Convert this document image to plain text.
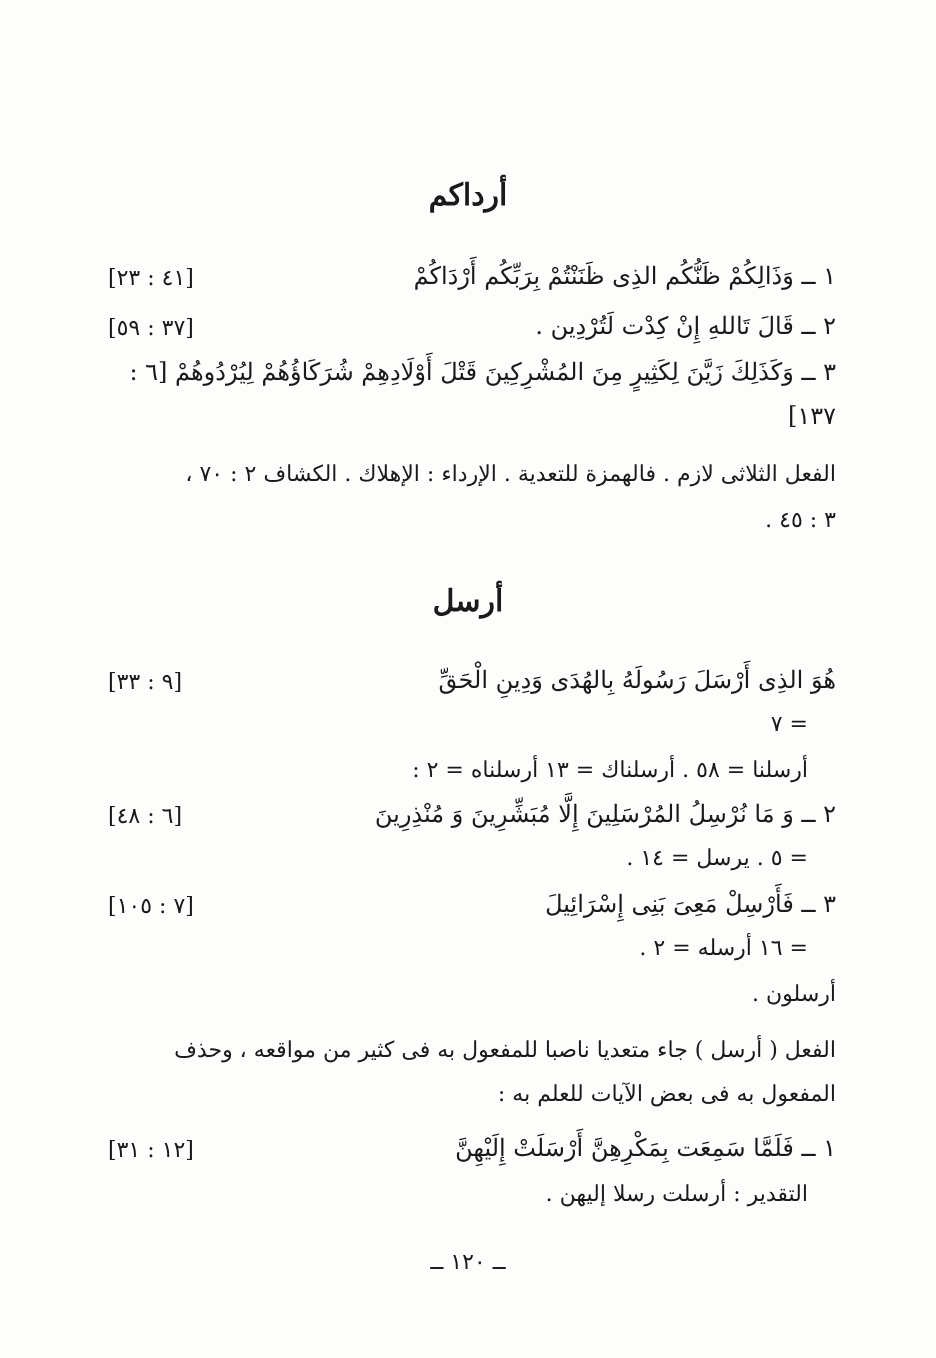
أرداكم
١ ــ وَذَالِكُمْ ظَنُّكُم الذِى ظَنَنْتُمْ بِرَبِّكُم أَرْدَاكُمْ
[٤١ : ٢٣]
٢ ــ قَالَ تَاللهِ إِنْ كِدْت لَتُرْدِين .
[٣٧ : ٥٩]
٣ ــ وَكَذَلِكَ زَيَّنَ لِكَثِيرٍ مِنَ المُشْرِكِينَ قَتْلَ أَوْلَادِهِمْ شُرَكَاؤُهُمْ لِيُرْدُوهُمْ [٦ :
١٣٧]
الفعل الثلاثى لازم . فالهمزة للتعدية . الإرداء : الإهلاك . الكشاف ٢ : ٧٠ ،
٣ : ٤٥ .
أرسل
هُوَ الذِى أَرْسَلَ رَسُولَهُ بِالهُدَى وَدِينِ الْحَقِّ
[٩ : ٣٣]
= ٧
أرسلنا = ٥٨ . أرسلناك = ١٣ أرسلناه = ٢ :
٢ ــ وَ مَا نُرْسِلُ المُرْسَلِينَ إِلَّا مُبَشِّرِينَ وَ مُنْذِرِينَ
[٦ : ٤٨]
= ٥ . يرسل = ١٤ .
٣ ــ فَأَرْسِلْ مَعِىَ بَنِى إِسْرَائِيلَ
[٧ : ١٠٥]
= ١٦ أرسله = ٢ .
أرسلون .
الفعل ( أرسل ) جاء متعديا ناصبا للمفعول به فى كثير من مواقعه ، وحذف
المفعول به فى بعض الآيات للعلم به :
١ ــ فَلَمَّا سَمِعَت بِمَكْرِهِنَّ أَرْسَلَتْ إِلَيْهِنَّ
[١٢ : ٣١]
التقدير : أرسلت رسلا إليهن .
ــ ١٢٠ ــ
